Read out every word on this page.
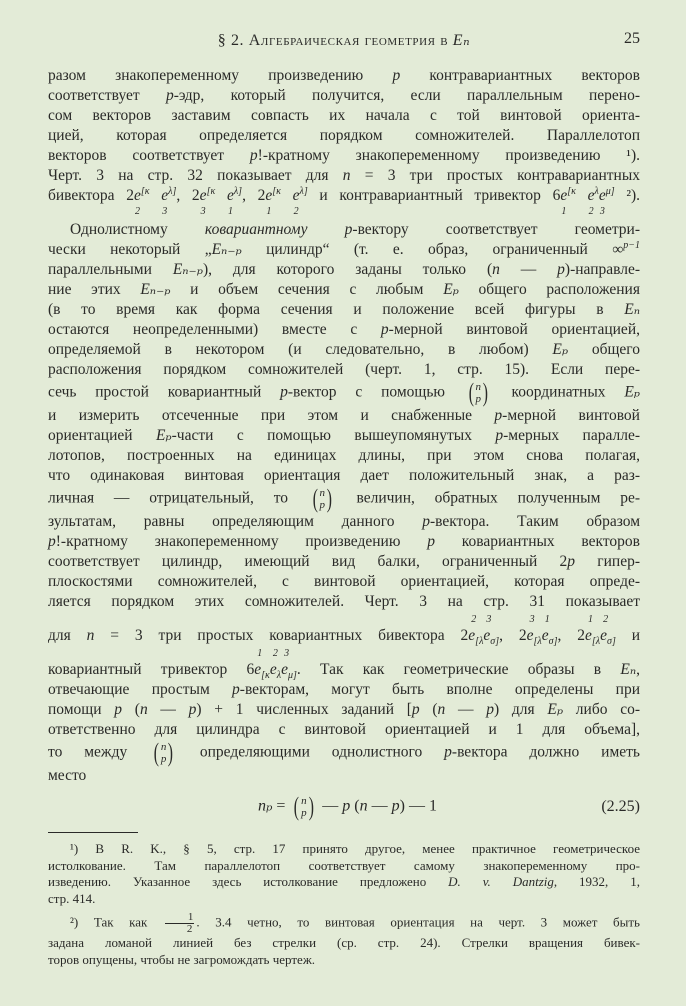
§ 2. Алгебраическая геометрия в Eₙ	25
разом знакопеременному произведению p контравариантных векторов
соответствует p-эдр, который получится, если параллельным перено-
сом векторов заставим совпасть их начала с той винтовой ориента-
цией, которая определяется порядком сомножителей. Параллелотоп
векторов соответствует p!-кратному знакопеременному произведению ¹).
Черт. 3 на стр. 32 показывает для n = 3 три простых контравариантных
бивектора $2e^{[\kappa}$
2
$e^{\lambda]}$
3
, $2e^{[\kappa}$
3
$e^{\lambda]}$
1
, $2e^{[\kappa}$
1
$e^{\lambda]}$
2
и контравариантный тривектор $6e^{[\kappa}$
1
$e^\lambda$
2
$e^{\mu]}$
3
²).
Однолистному ковариантному p-вектору соответствует геометри-
чески некоторый „Eₙ₋ₚ цилиндр“ (т. е. образ, ограниченный ∞$^{p-1}$
параллельными Eₙ₋ₚ), для которого заданы только (n — p)-направле-
ние этих Eₙ₋ₚ и объем сечения с любым Eₚ общего расположения
(в то время как форма сечения и положение всей фигуры в Eₙ
остаются неопределенными) вместе с p-мерной винтовой ориентацией,
определяемой в некотором (и следовательно, в любом) Eₚ общего
расположения порядком сомножителей (черт. 1, стр. 15). Если пере-
сечь простой ковариантный p-вектор с помощью ( n
p ) координатных Eₚ
и измерить отсеченные при этом и снабженные p-мерной винтовой
ориентацией Eₚ-части с помощью вышеупомянутых p-мерных паралле-
лотопов, построенных на единицах длины, при этом снова полагая,
что одинаковая винтовая ориентация дает положительный знак, а раз-
личная — отрицательный, то ( n
p ) величин, обратных полученным ре-
зультатам, равны определяющим данного p-вектора. Таким образом
p!-кратному знакопеременному произведению p ковариантных векторов
соответствует цилиндр, имеющий вид балки, ограниченный 2p гипер-
плоскостями сомножителей, с винтовой ориентацией, которая опреде-
ляется порядком этих сомножителей. Черт. 3 на стр. 31 показывает
для n = 3 три простых ковариантных бивектора $2e_{[\lambda}$
2
$e_{\sigma]}$
3
, $2e_{[\lambda}$
3
$e_{\sigma]}$
1
, $2e_{[\lambda}$
1
$e_{\sigma]}$
2
и
ковариантный тривектор $6e_{[\kappa}$
1
$e_\lambda$
2
$e_{\mu]}$
3
. Так как геометрические образы в Eₙ,
отвечающие простым p-векторам, могут быть вполне определены при
помощи p (n — p) + 1 численных заданий [p (n — p) для Eₚ либо со-
ответственно для цилиндра с винтовой ориентацией и 1 для объема],
то между ( n
p ) определяющими однолистного p-вектора должно иметь
место
nₚ = ( n
p ) — p (n — p) — 1	(2.25)
¹) В R. K., § 5, стр. 17 принято другое, менее практичное геометрическое
истолкование. Там параллелотоп соответствует самому знакопеременному про-
изведению. Указанное здесь истолкование предложено D. v. Dantzig, 1932, 1,
стр. 414.
²) Так как $\frac{1}{2}$ . 3.4 четно, то винтовая ориентация на черт. 3 может быть
задана ломаной линией без стрелки (ср. стр. 24). Стрелки вращения бивек-
торов опущены, чтобы не загромождать чертеж.
